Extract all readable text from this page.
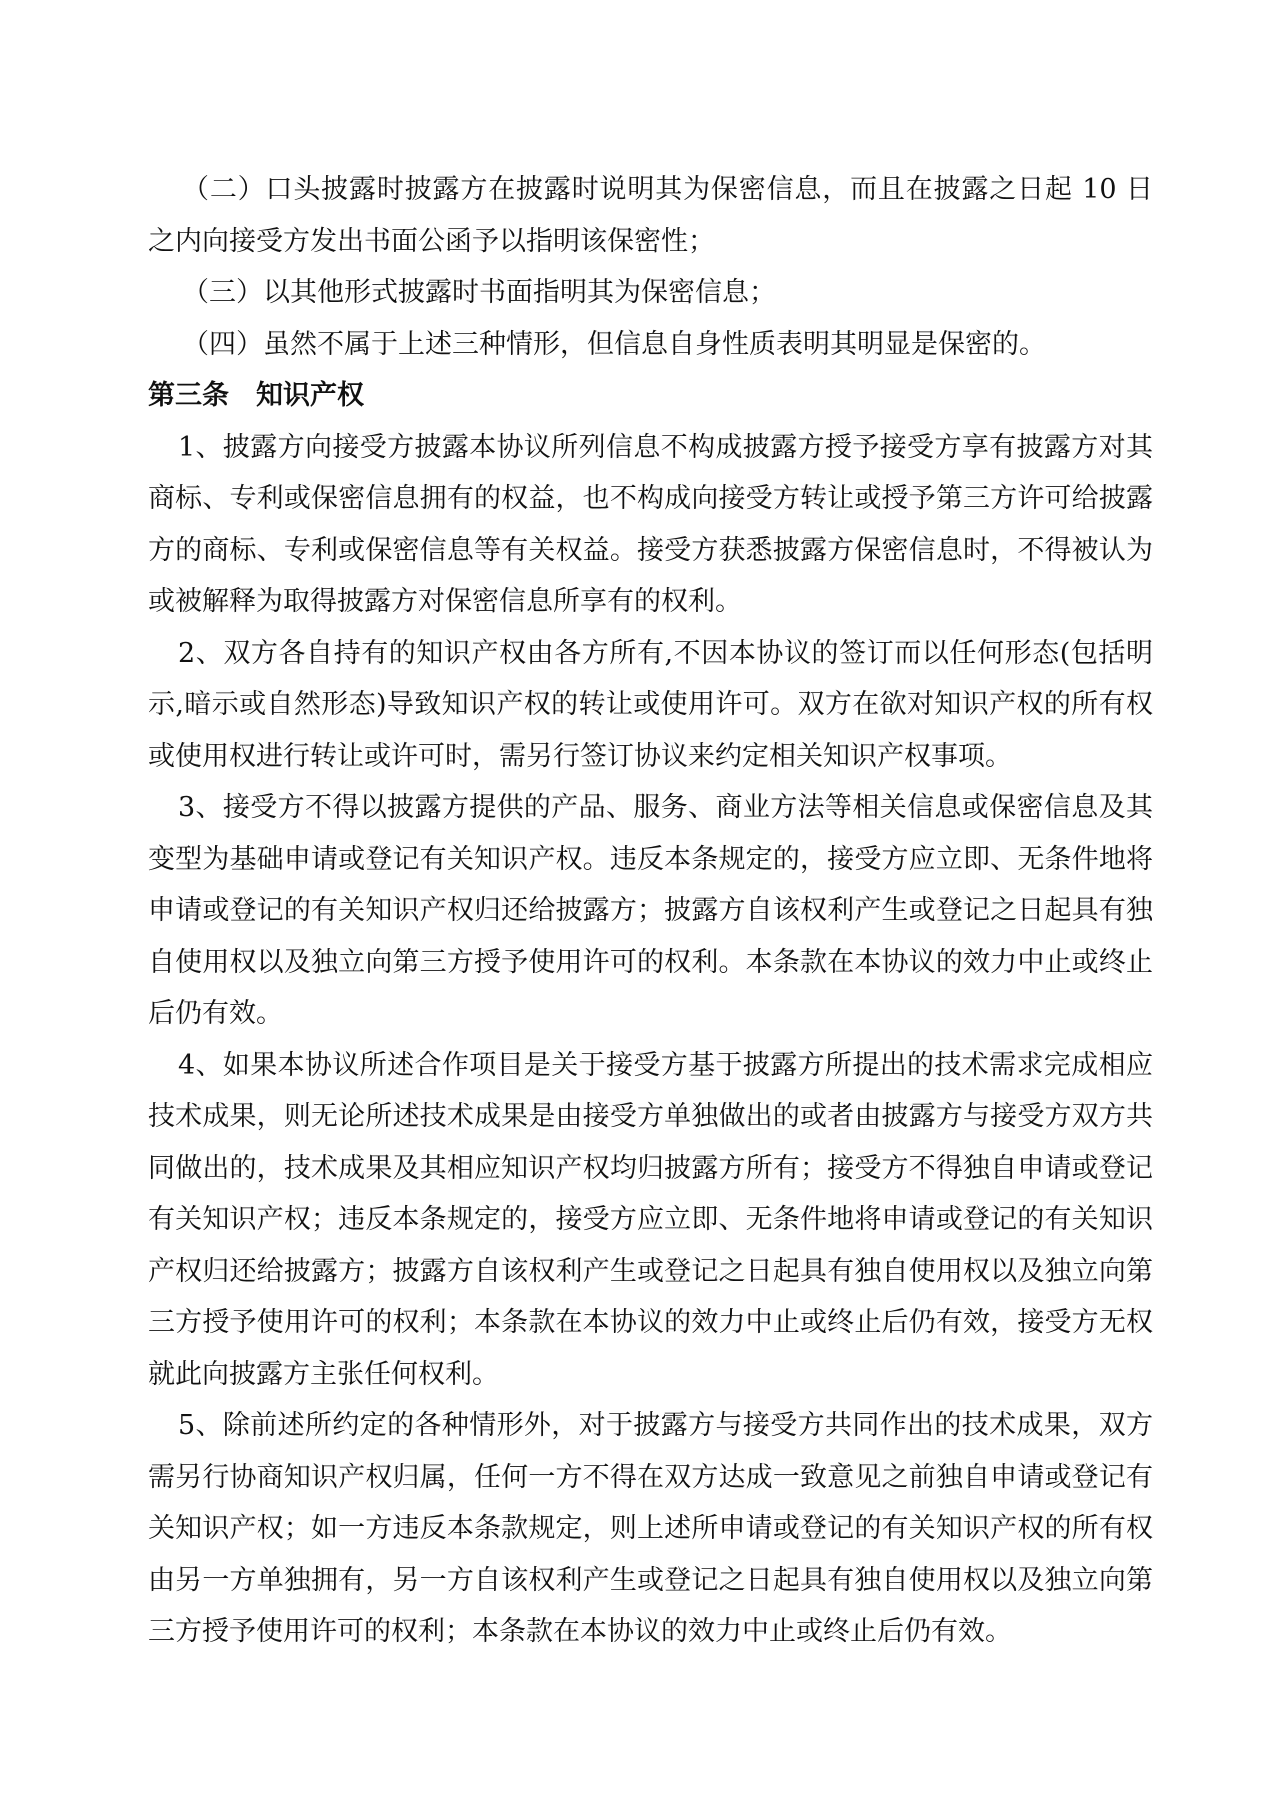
（二）口头披露时披露方在披露时说明其为保密信息，而且在披露之日起 10 日
之内向接受方发出书面公函予以指明该保密性；
（三）以其他形式披露时书面指明其为保密信息；
（四）虽然不属于上述三种情形，但信息自身性质表明其明显是保密的。
第三条　知识产权
1、披露方向接受方披露本协议所列信息不构成披露方授予接受方享有披露方对其
商标、专利或保密信息拥有的权益，也不构成向接受方转让或授予第三方许可给披露
方的商标、专利或保密信息等有关权益。接受方获悉披露方保密信息时，不得被认为
或被解释为取得披露方对保密信息所享有的权利。
2、双方各自持有的知识产权由各方所有,不因本协议的签订而以任何形态(包括明
示,暗示或自然形态)导致知识产权的转让或使用许可。双方在欲对知识产权的所有权
或使用权进行转让或许可时，需另行签订协议来约定相关知识产权事项。
3、接受方不得以披露方提供的产品、服务、商业方法等相关信息或保密信息及其
变型为基础申请或登记有关知识产权。违反本条规定的，接受方应立即、无条件地将
申请或登记的有关知识产权归还给披露方；披露方自该权利产生或登记之日起具有独
自使用权以及独立向第三方授予使用许可的权利。本条款在本协议的效力中止或终止
后仍有效。
4、如果本协议所述合作项目是关于接受方基于披露方所提出的技术需求完成相应
技术成果，则无论所述技术成果是由接受方单独做出的或者由披露方与接受方双方共
同做出的，技术成果及其相应知识产权均归披露方所有；接受方不得独自申请或登记
有关知识产权；违反本条规定的，接受方应立即、无条件地将申请或登记的有关知识
产权归还给披露方；披露方自该权利产生或登记之日起具有独自使用权以及独立向第
三方授予使用许可的权利；本条款在本协议的效力中止或终止后仍有效，接受方无权
就此向披露方主张任何权利。
5、除前述所约定的各种情形外，对于披露方与接受方共同作出的技术成果，双方
需另行协商知识产权归属，任何一方不得在双方达成一致意见之前独自申请或登记有
关知识产权；如一方违反本条款规定，则上述所申请或登记的有关知识产权的所有权
由另一方单独拥有，另一方自该权利产生或登记之日起具有独自使用权以及独立向第
三方授予使用许可的权利；本条款在本协议的效力中止或终止后仍有效。
